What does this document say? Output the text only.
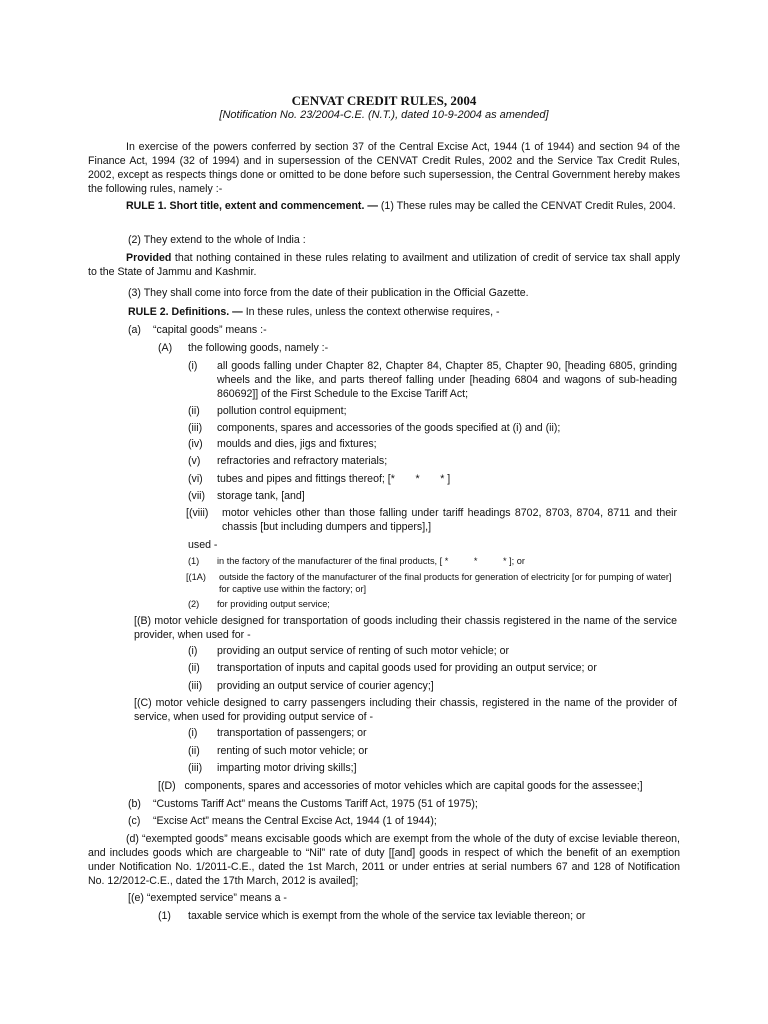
CENVAT CREDIT RULES, 2004
[Notification No. 23/2004-C.E. (N.T.), dated 10-9-2004 as amended]
In exercise of the powers conferred by section 37 of the Central Excise Act, 1944 (1 of 1944) and section 94 of the Finance Act, 1994 (32 of 1994) and in supersession of the CENVAT Credit Rules, 2002 and the Service Tax Credit Rules, 2002, except as respects things done or omitted to be done before such supersession, the Central Government hereby makes the following rules, namely :-
RULE 1. Short title, extent and commencement. — (1) These rules may be called the CENVAT Credit Rules, 2004.
(2) They extend to the whole of India :
Provided that nothing contained in these rules relating to availment and utilization of credit of service tax shall apply to the State of Jammu and Kashmir.
(3) They shall come into force from the date of their publication in the Official Gazette.
RULE 2. Definitions. — In these rules, unless the context otherwise requires, -
(a) “capital goods” means :-
(A) the following goods, namely :-
(i) all goods falling under Chapter 82, Chapter 84, Chapter 85, Chapter 90, [heading 6805, grinding wheels and the like, and parts thereof falling under [heading 6804 and wagons of sub-heading 860692]] of the First Schedule to the Excise Tariff Act;
(ii) pollution control equipment;
(iii) components, spares and accessories of the goods specified at (i) and (ii);
(iv) moulds and dies, jigs and fixtures;
(v) refractories and refractory materials;
(vi) tubes and pipes and fittings thereof; [*       *       * ]
(vii) storage tank, [and]
[(viii) motor vehicles other than those falling under tariff headings 8702, 8703, 8704, 8711 and their chassis [but including dumpers and tippers],]
used -
(1) in the factory of the manufacturer of the final products, [ *          *          * ]; or
[(1A) outside the factory of the manufacturer of the final products for generation of electricity [or for pumping of water] for captive use within the factory; or]
(2) for providing output service;
[(B) motor vehicle designed for transportation of goods including their chassis registered in the name of the service provider, when used for -
(i) providing an output service of renting of such motor vehicle; or
(ii) transportation of inputs and capital goods used for providing an output service; or
(iii) providing an output service of courier agency;]
[(C) motor vehicle designed to carry passengers including their chassis, registered in the name of the provider of service, when used for providing output service of -
(i) transportation of passengers; or
(ii) renting of such motor vehicle; or
(iii) imparting motor driving skills;]
[(D)   components, spares and accessories of motor vehicles which are capital goods for the assessee;]
(b) “Customs Tariff Act” means the Customs Tariff Act, 1975 (51 of 1975);
(c) “Excise Act” means the Central Excise Act, 1944 (1 of 1944);
(d) “exempted goods” means excisable goods which are exempt from the whole of the duty of excise leviable thereon, and includes goods which are chargeable to “Nil” rate of duty [[and] goods in respect of which the benefit of an exemption under Notification No. 1/2011-C.E., dated the 1st March, 2011 or under entries at serial numbers 67 and 128 of Notification No. 12/2012-C.E., dated the 17th March, 2012 is availed];
[(e) “exempted service” means a -
(1) taxable service which is exempt from the whole of the service tax leviable thereon; or
